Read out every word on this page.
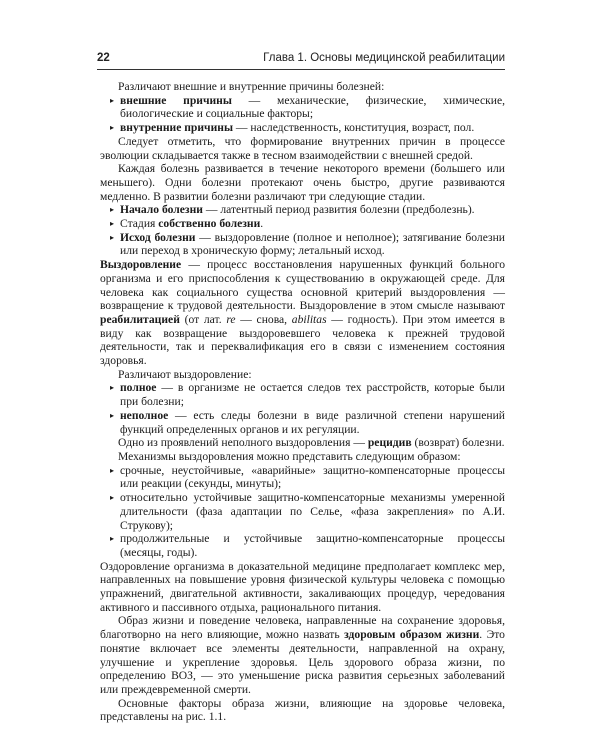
22	Глава 1. Основы медицинской реабилитации

Различают внешние и внутренние причины болезней:

▸ внешние причины — механические, физические, химические, биологические и социальные факторы;
▸ внутренние причины — наследственность, конституция, возраст, пол.

Следует отметить, что формирование внутренних причин в процессе эволюции складывается также в тесном взаимодействии с внешней средой.

Каждая болезнь развивается в течение некоторого времени (большего или меньшего). Одни болезни протекают очень быстро, другие развиваются медленно. В развитии болезни различают три следующие стадии.

▸ Начало болезни — латентный период развития болезни (предболезнь).
▸ Стадия собственно болезни.
▸ Исход болезни — выздоровление (полное и неполное); затягивание болезни или переход в хроническую форму; летальный исход.

Выздоровление — процесс восстановления нарушенных функций больного организма и его приспособления к существованию в окружающей среде. Для человека как социального существа основной критерий выздоровления — возвращение к трудовой деятельности. Выздоровление в этом смысле называют реабилитацией (от лат. re — снова, abilitas — годность). При этом имеется в виду как возвращение выздоровевшего человека к прежней трудовой деятельности, так и переквалификация его в связи с изменением состояния здоровья.

Различают выздоровление:

▸ полное — в организме не остается следов тех расстройств, которые были при болезни;
▸ неполное — есть следы болезни в виде различной степени нарушений функций определенных органов и их регуляции.

Одно из проявлений неполного выздоровления — рецидив (возврат) болезни.

Механизмы выздоровления можно представить следующим образом:

▸ срочные, неустойчивые, «аварийные» защитно-компенсаторные процессы или реакции (секунды, минуты);
▸ относительно устойчивые защитно-компенсаторные механизмы умеренной длительности (фаза адаптации по Селье, «фаза закрепления» по А.И. Струкову);
▸ продолжительные и устойчивые защитно-компенсаторные процессы (месяцы, годы).

Оздоровление организма в доказательной медицине предполагает комплекс мер, направленных на повышение уровня физической культуры человека с помощью упражнений, двигательной активности, закаливающих процедур, чередования активного и пассивного отдыха, рационального питания.

Образ жизни и поведение человека, направленные на сохранение здоровья, благотворно на него влияющие, можно назвать здоровым образом жизни. Это понятие включает все элементы деятельности, направленной на охрану, улучшение и укрепление здоровья. Цель здорового образа жизни, по определению ВОЗ, — это уменьшение риска развития серьезных заболеваний или преждевременной смерти.

Основные факторы образа жизни, влияющие на здоровье человека, представлены на рис. 1.1.
